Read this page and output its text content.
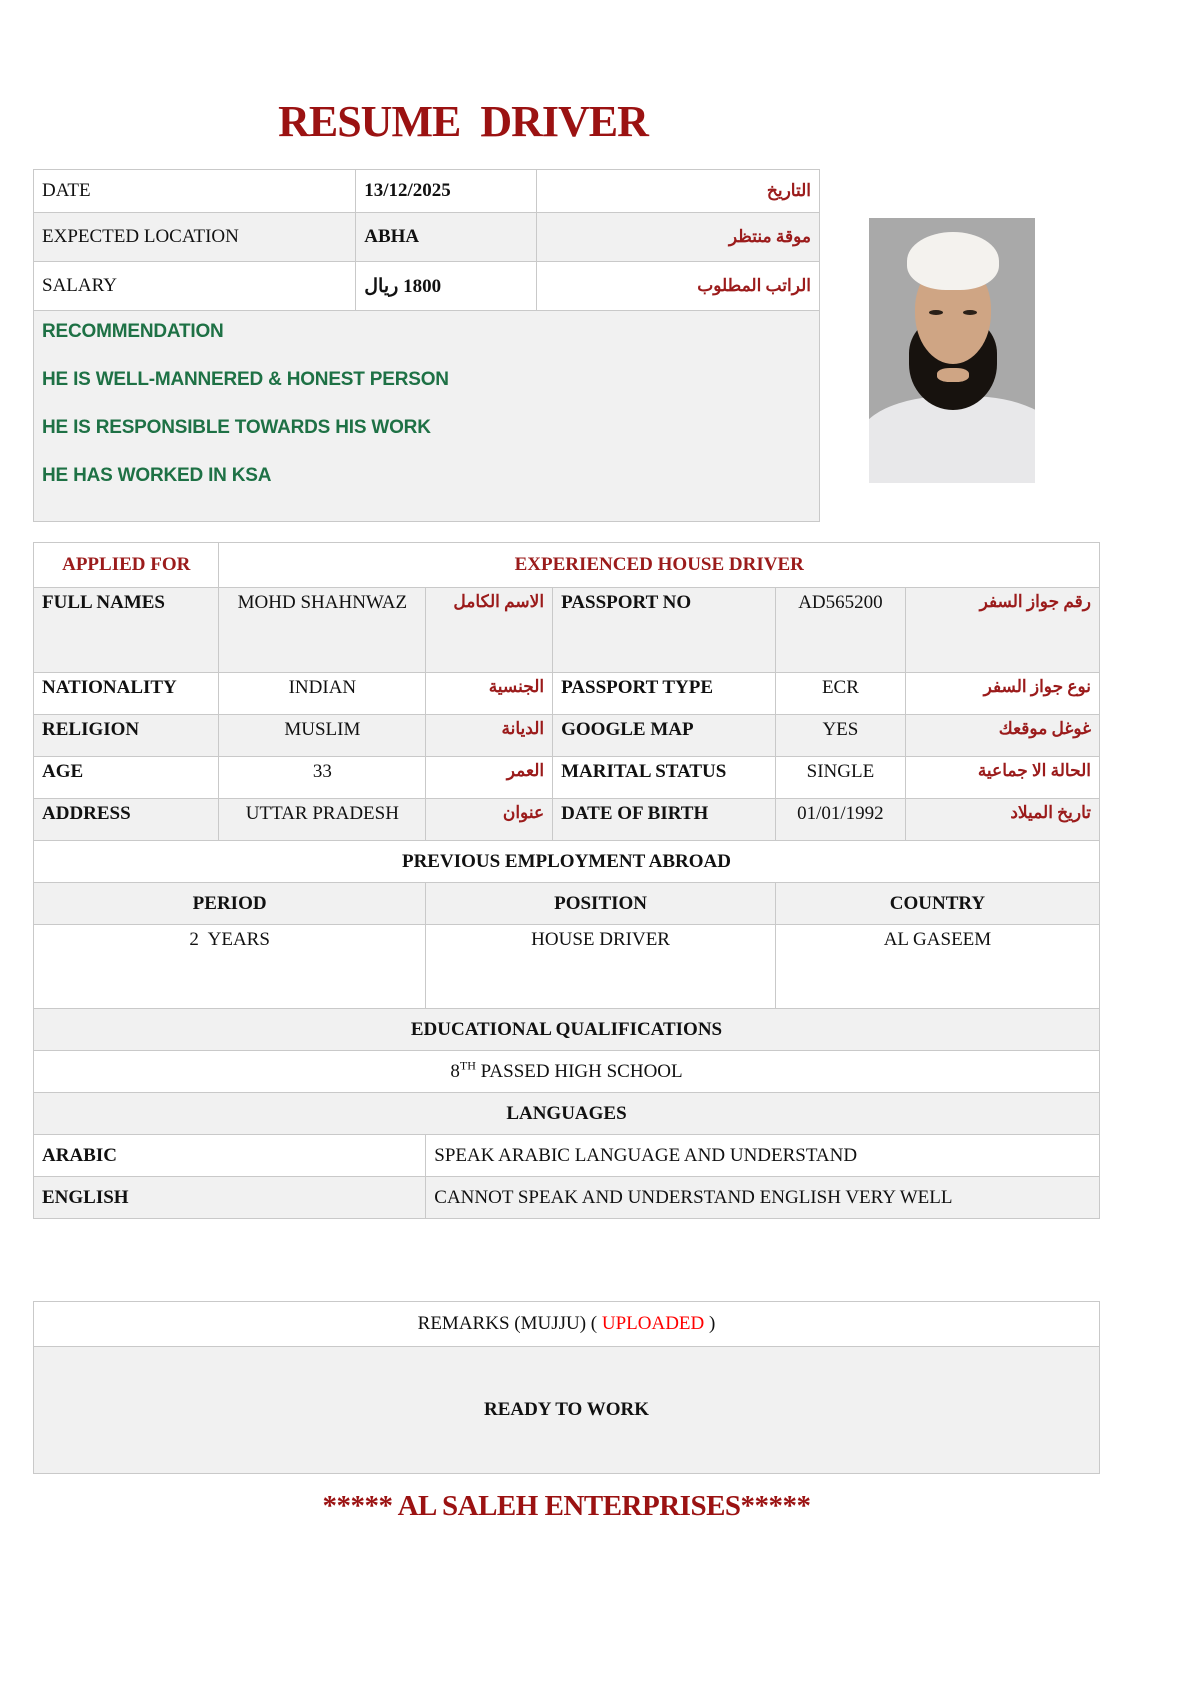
RESUME  DRIVER
DATE	13/12/2025	التاريخ
EXPECTED LOCATION	ABHA	موقة منتظر
SALARY	1800 ريال	الراتب المطلوب

RECOMMENDATION

HE IS WELL-MANNERED & HONEST PERSON

HE IS RESPONSIBLE TOWARDS HIS WORK

HE HAS WORKED IN KSA		

APPLIED FOR	EXPERIENCED HOUSE DRIVER				
FULL NAMES	MOHD SHAHNWAZ	الاسم الكامل	PASSPORT NO	AD565200	رقم جواز السفر
NATIONALITY	INDIAN	الجنسية	PASSPORT TYPE	ECR	نوع جواز السفر
RELIGION	MUSLIM	الديانة	GOOGLE MAP	YES	غوغل موقعك
AGE	33	العمر	MARITAL STATUS	SINGLE	الحالة الا جماعية
ADDRESS	UTTAR PRADESH	عنوان	DATE OF BIRTH	01/01/1992	تاريخ الميلاد
PREVIOUS EMPLOYMENT ABROAD					
PERIOD		POSITION		COUNTRY	
2  YEARS		HOUSE DRIVER		AL GASEEM	
EDUCATIONAL QUALIFICATIONS					
8TH PASSED HIGH SCHOOL					
LANGUAGES					
ARABIC		SPEAK ARABIC LANGUAGE AND UNDERSTAND			
ENGLISH		CANNOT SPEAK AND UNDERSTAND ENGLISH VERY WELL			
REMARKS (MUJJU) ( UPLOADED )
READY TO WORK
***** AL SALEH ENTERPRISES*****
